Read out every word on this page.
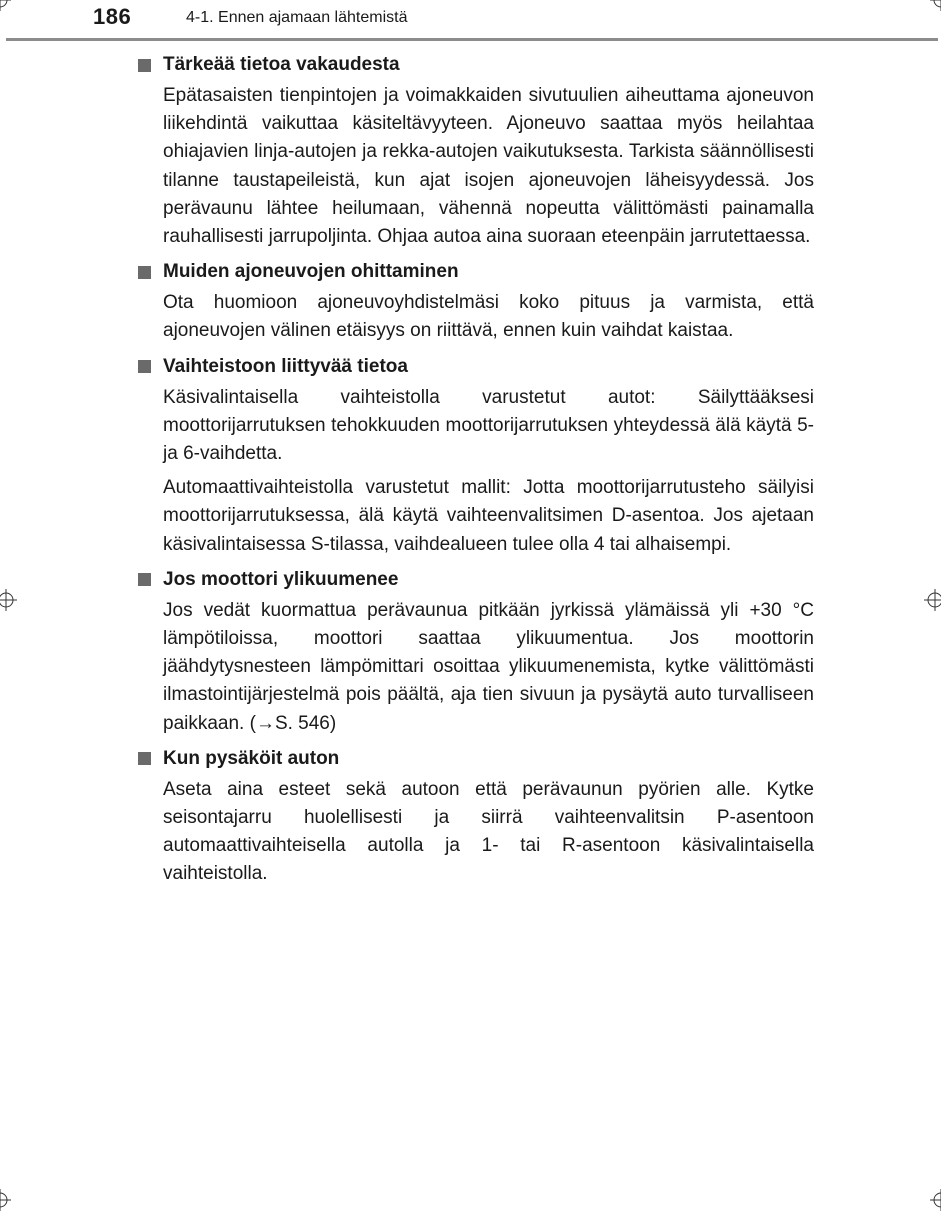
186	4-1. Ennen ajamaan lähtemistä
Tärkeää tietoa vakaudesta

Epätasaisten tienpintojen ja voimakkaiden sivutuulien aiheuttama ajoneuvon liikehdintä vaikuttaa käsiteltävyyteen. Ajoneuvo saattaa myös heilahtaa ohiajavien linja-autojen ja rekka-autojen vaikutuksesta. Tarkista säännöllisesti tilanne taustapeileistä, kun ajat isojen ajoneuvojen läheisyydessä. Jos perävaunu lähtee heilumaan, vähennä nopeutta välittömästi painamalla rauhallisesti jarrupoljinta. Ohjaa autoa aina suoraan eteenpäin jarrutettaessa.

Muiden ajoneuvojen ohittaminen

Ota huomioon ajoneuvoyhdistelmäsi koko pituus ja varmista, että ajoneuvojen välinen etäisyys on riittävä, ennen kuin vaihdat kaistaa.

Vaihteistoon liittyvää tietoa

Käsivalintaisella vaihteistolla varustetut autot: Säilyttääksesi moottorijarrutuksen tehokkuuden moottorijarrutuksen yhteydessä älä käytä 5- ja 6-vaihdetta.

Automaattivaihteistolla varustetut mallit: Jotta moottorijarrutusteho säilyisi moottorijarrutuksessa, älä käytä vaihteenvalitsimen D-asentoa. Jos ajetaan käsivalintaisessa S-tilassa, vaihdealueen tulee olla 4 tai alhaisempi.

Jos moottori ylikuumenee

Jos vedät kuormattua perävaunua pitkään jyrkissä ylämäissä yli +30 °C lämpötiloissa, moottori saattaa ylikuumentua. Jos moottorin jäähdytysnesteen lämpömittari osoittaa ylikuumenemista, kytke välittömästi ilmastointijärjestelmä pois päältä, aja tien sivuun ja pysäytä auto turvalliseen paikkaan. (→S. 546)

Kun pysäköit auton

Aseta aina esteet sekä autoon että perävaunun pyörien alle. Kytke seisontajarru huolellisesti ja siirrä vaihteenvalitsin P-asentoon automaattivaihteisella autolla ja 1- tai R-asentoon käsivalintaisella vaihteistolla.
